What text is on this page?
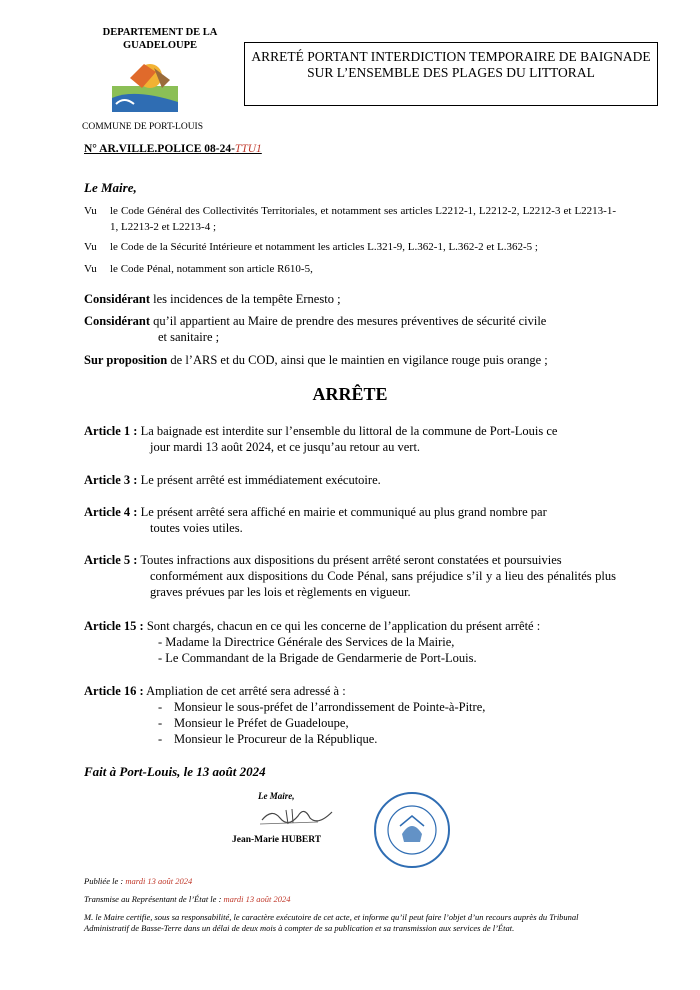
DEPARTEMENT DE LA GUADELOUPE
COMMUNE DE PORT-LOUIS
ARRETÉ PORTANT INTERDICTION TEMPORAIRE DE BAIGNADE SUR L’ENSEMBLE DES PLAGES DU LITTORAL
N° AR.VILLE.POLICE 08-24-TTU1
Le Maire,
Vu	le Code Général des Collectivités Territoriales, et notamment ses articles L2212-1, L2212-2, L2212-3 et L2213-1-1, L2213-2 et L2213-4 ;
Vu	le Code de la Sécurité Intérieure et notamment les articles L.321-9, L.362-1, L.362-2 et L.362-5 ;
Vu	le Code Pénal, notamment son article R610-5,
Considérant les incidences de la tempête Ernesto ;
Considérant qu’il appartient au Maire de prendre des mesures préventives de sécurité civile
et sanitaire ;
Sur proposition de l’ARS et du COD, ainsi que le maintien en vigilance rouge puis orange ;
ARRÊTE
Article 1 : La baignade est interdite sur l’ensemble du littoral de la commune de Port-Louis ce
jour mardi 13 août 2024, et ce jusqu’au retour au vert.
Article 3 : Le présent arrêté est immédiatement exécutoire.
Article 4 : Le présent arrêté sera affiché en mairie et communiqué au plus grand nombre par
toutes voies utiles.
Article 5 : Toutes infractions aux dispositions du présent arrêté seront constatées et poursuivies
conformément aux dispositions du Code Pénal, sans préjudice s’il y a lieu des pénalités plus graves prévues par les lois et règlements en vigueur.
Article 15 : Sont chargés, chacun en ce qui les concerne de l’application du présent arrêté :
- Madame la Directrice Générale des Services de la Mairie,
- Le Commandant de la Brigade de Gendarmerie de Port-Louis.
Article 16 : Ampliation de cet arrêté sera adressé à :
- Monsieur le sous-préfet de l’arrondissement de Pointe-à-Pitre,
- Monsieur le Préfet de Guadeloupe,
- Monsieur le Procureur de la République.
Fait à Port-Louis, le 13 août 2024
Le Maire,
Jean-Marie HUBERT
Publiée le : mardi 13 août 2024
Transmise au Représentant de l’État le : mardi 13 août 2024
M. le Maire certifie, sous sa responsabilité, le caractère exécutoire de cet acte, et informe qu’il peut faire l’objet d’un recours auprès du Tribunal Administratif de Basse-Terre dans un délai de deux mois à compter de sa publication et sa transmission aux services de l’État.
